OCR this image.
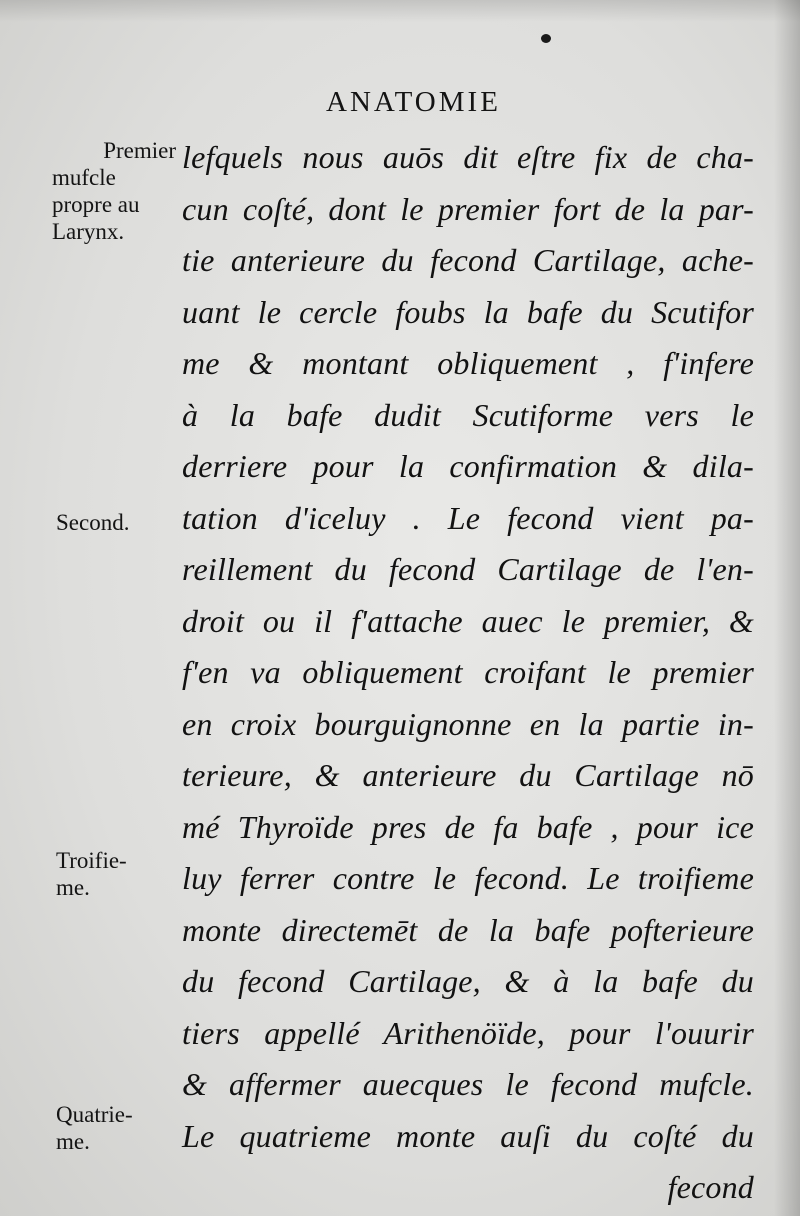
ANATOMIE
Premier
mufcle
propre au
Larynx.
Second.
Troifie-
me.
Quatrie-
me.
lefquels nous auōs dit eſtre fix de cha-
cun coſté, dont le premier fort de la par-
tie anterieure du fecond Cartilage, ache-
uant le cercle foubs la bafe du Scutifor
me & montant obliquement , f'infere
à la bafe dudit Scutiforme vers le
derriere pour la confirmation & dila-
tation d'iceluy . Le fecond vient pa-
reillement du fecond Cartilage de l'en-
droit ou il f'attache auec le premier, &
f'en va obliquement croifant le premier
en croix bourguignonne en la partie in-
terieure, & anterieure du Cartilage nō
mé Thyroïde pres de fa bafe , pour ice
luy ferrer contre le fecond. Le troifieme
monte directemēt de la bafe pofterieure
du fecond Cartilage, & à la bafe du
tiers appellé Arithenöïde, pour l'ouurir
& affermer auecques le fecond mufcle.
Le quatrieme monte auſi du coſté du
fecond
